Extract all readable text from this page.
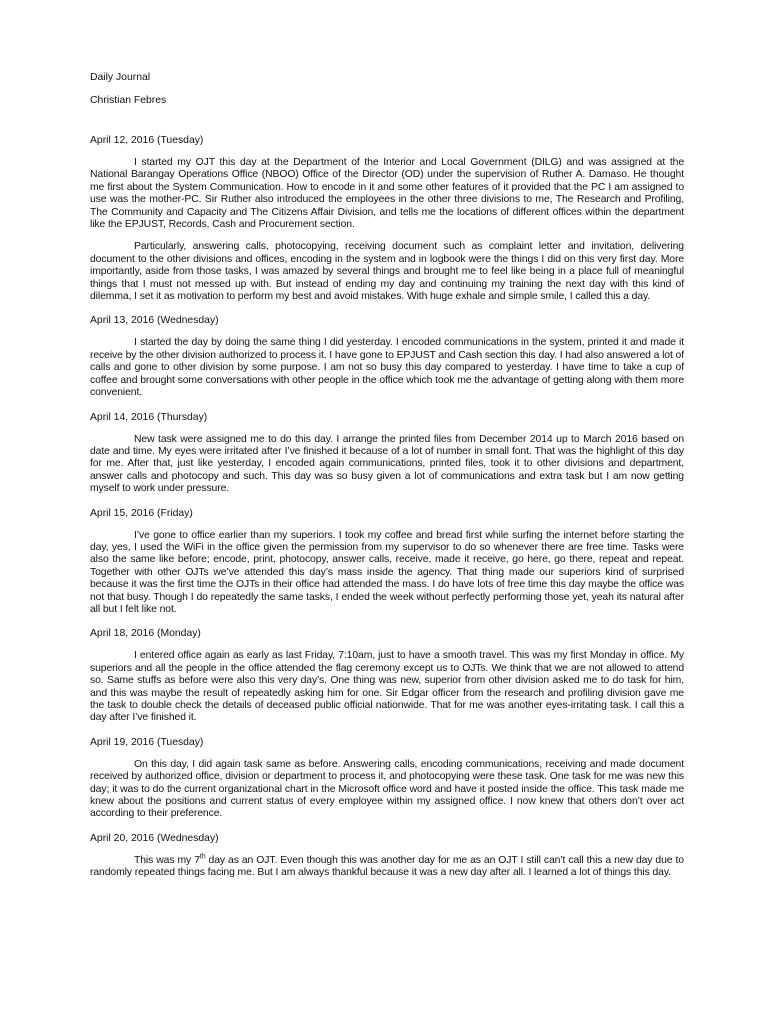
Daily Journal

Christian Febres

April 12, 2016 (Tuesday)

I started my OJT this day at the Department of the Interior and Local Government (DILG) and was assigned at the National Barangay Operations Office (NBOO) Office of the Director (OD) under the supervision of Ruther A. Damaso. He thought me first about the System Communication. How to encode in it and some other features of it provided that the PC I am assigned to use was the mother-PC. Sir Ruther also introduced the employees in the other three divisions to me, The Research and Profiling, The Community and Capacity and The Citizens Affair Division, and tells me the locations of different offices within the department like the EPJUST, Records, Cash and Procurement section.

Particularly, answering calls, photocopying, receiving document such as complaint letter and invitation, delivering document to the other divisions and offices, encoding in the system and in logbook were the things I did on this very first day. More importantly, aside from those tasks, I was amazed by several things and brought me to feel like being in a place full of meaningful things that I must not messed up with. But instead of ending my day and continuing my training the next day with this kind of dilemma, I set it as motivation to perform my best and avoid mistakes. With huge exhale and simple smile, I called this a day.

April 13, 2016 (Wednesday)

I started the day by doing the same thing I did yesterday. I encoded communications in the system, printed it and made it receive by the other division authorized to process it. I have gone to EPJUST and Cash section this day. I had also answered a lot of calls and gone to other division by some purpose. I am not so busy this day compared to yesterday. I have time to take a cup of coffee and brought some conversations with other people in the office which took me the advantage of getting along with them more convenient.

April 14, 2016 (Thursday)

New task were assigned me to do this day. I arrange the printed files from December 2014 up to March 2016 based on date and time. My eyes were irritated after I’ve finished it because of a lot of number in small font. That was the highlight of this day for me. After that, just like yesterday, I encoded again communications, printed files, took it to other divisions and department, answer calls and photocopy and such. This day was so busy given a lot of communications and extra task but I am now getting myself to work under pressure.

April 15, 2016 (Friday)

I’ve gone to office earlier than my superiors. I took my coffee and bread first while surfing the internet before starting the day, yes, I used the WiFi in the office given the permission from my supervisor to do so whenever there are free time. Tasks were also the same like before; encode, print, photocopy, answer calls, receive, made it receive, go here, go there, repeat and repeat. Together with other OJTs we’ve attended this day’s mass inside the agency. That thing made our superiors kind of surprised because it was the first time the OJTs in their office had attended the mass. I do have lots of free time this day maybe the office was not that busy. Though I do repeatedly the same tasks, I ended the week without perfectly performing those yet, yeah its natural after all but I felt like not.

April 18, 2016 (Monday)

I entered office again as early as last Friday, 7:10am, just to have a smooth travel. This was my first Monday in office. My superiors and all the people in the office attended the flag ceremony except us to OJTs. We think that we are not allowed to attend so. Same stuffs as before were also this very day’s. One thing was new, superior from other division asked me to do task for him, and this was maybe the result of repeatedly asking him for one. Sir Edgar officer from the research and profiling division gave me the task to double check the details of deceased public official nationwide. That for me was another eyes-irritating task. I call this a day after I’ve finished it.

April 19, 2016 (Tuesday)

On this day, I did again task same as before. Answering calls, encoding communications, receiving and made document received by authorized office, division or department to process it, and photocopying were these task. One task for me was new this day; it was to do the current organizational chart in the Microsoft office word and have it posted inside the office. This task made me knew about the positions and current status of every employee within my assigned office. I now knew that others don’t over act according to their preference.

April 20, 2016 (Wednesday)

This was my 7th day as an OJT. Even though this was another day for me as an OJT I still can’t call this a new day due to randomly repeated things facing me. But I am always thankful because it was a new day after all. I learned a lot of things this day.
